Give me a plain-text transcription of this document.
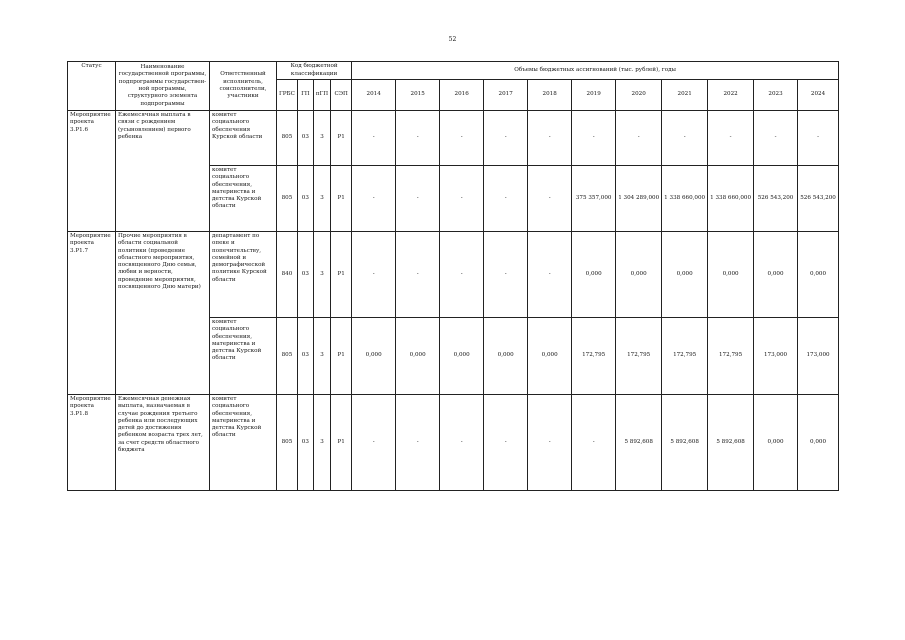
52
Статус	Наименование государственной программы, подпрограммы государствен-ной программы, структурного элемента подпрограммы	Ответственный исполнитель, соисполнители, участники	Код бюджетной классификации				Объемы бюджетных ассигнований (тыс. рублей), годы										
			ГРБС	ГП	пГП	СЭП	2014	2015	2016	2017	2018	2019	2020	2021	2022	2023	2024
Мероприятие проекта 3.Р1.6	Ежемесячная выплата в связи с рождением (усыновлением) первого ребенка	комитет социального обеспечения Курской области	805	03	3	Р1	-	-	-	-	-	-	-	-	-	-	-
		комитет социального обеспечения, материнства и детства Курской области	805	03	3	Р1	-	-	-	-	-	375 357,000	1 304 289,000	1 338 660,000	1 338 660,000	526 543,200	526 543,200
Мероприятие проекта 3.Р1.7	Прочие мероприятия в области социальной политики (проведение областного мероприятия, посвященного Дню семьи, любви и верности, проведение мероприятия, посвященного Дню матери)	департамент по опеке и попечительству, семейной и демографической политике Курской области	840	03	3	Р1	-	-	-	-	-	0,000	0,000	0,000	0,000	0,000	0,000
		комитет социального обеспечения, материнства и детства Курской области	805	03	3	Р1	0,000	0,000	0,000	0,000	0,000	172,795	172,795	172,795	172,795	173,000	173,000
Мероприятие проекта 3.Р1.8	Ежемесячная денежная выплата, назначаемая в случае рождения третьего ребенка или последующих детей до достижения ребенком возраста трех лет, за счет средств областного бюджета	комитет социального обеспечения, материнства и детства Курской области	805	03	3	Р1	-	-	-	-	-	-	5 892,608	5 892,608	5 892,608	0,000	0,000
